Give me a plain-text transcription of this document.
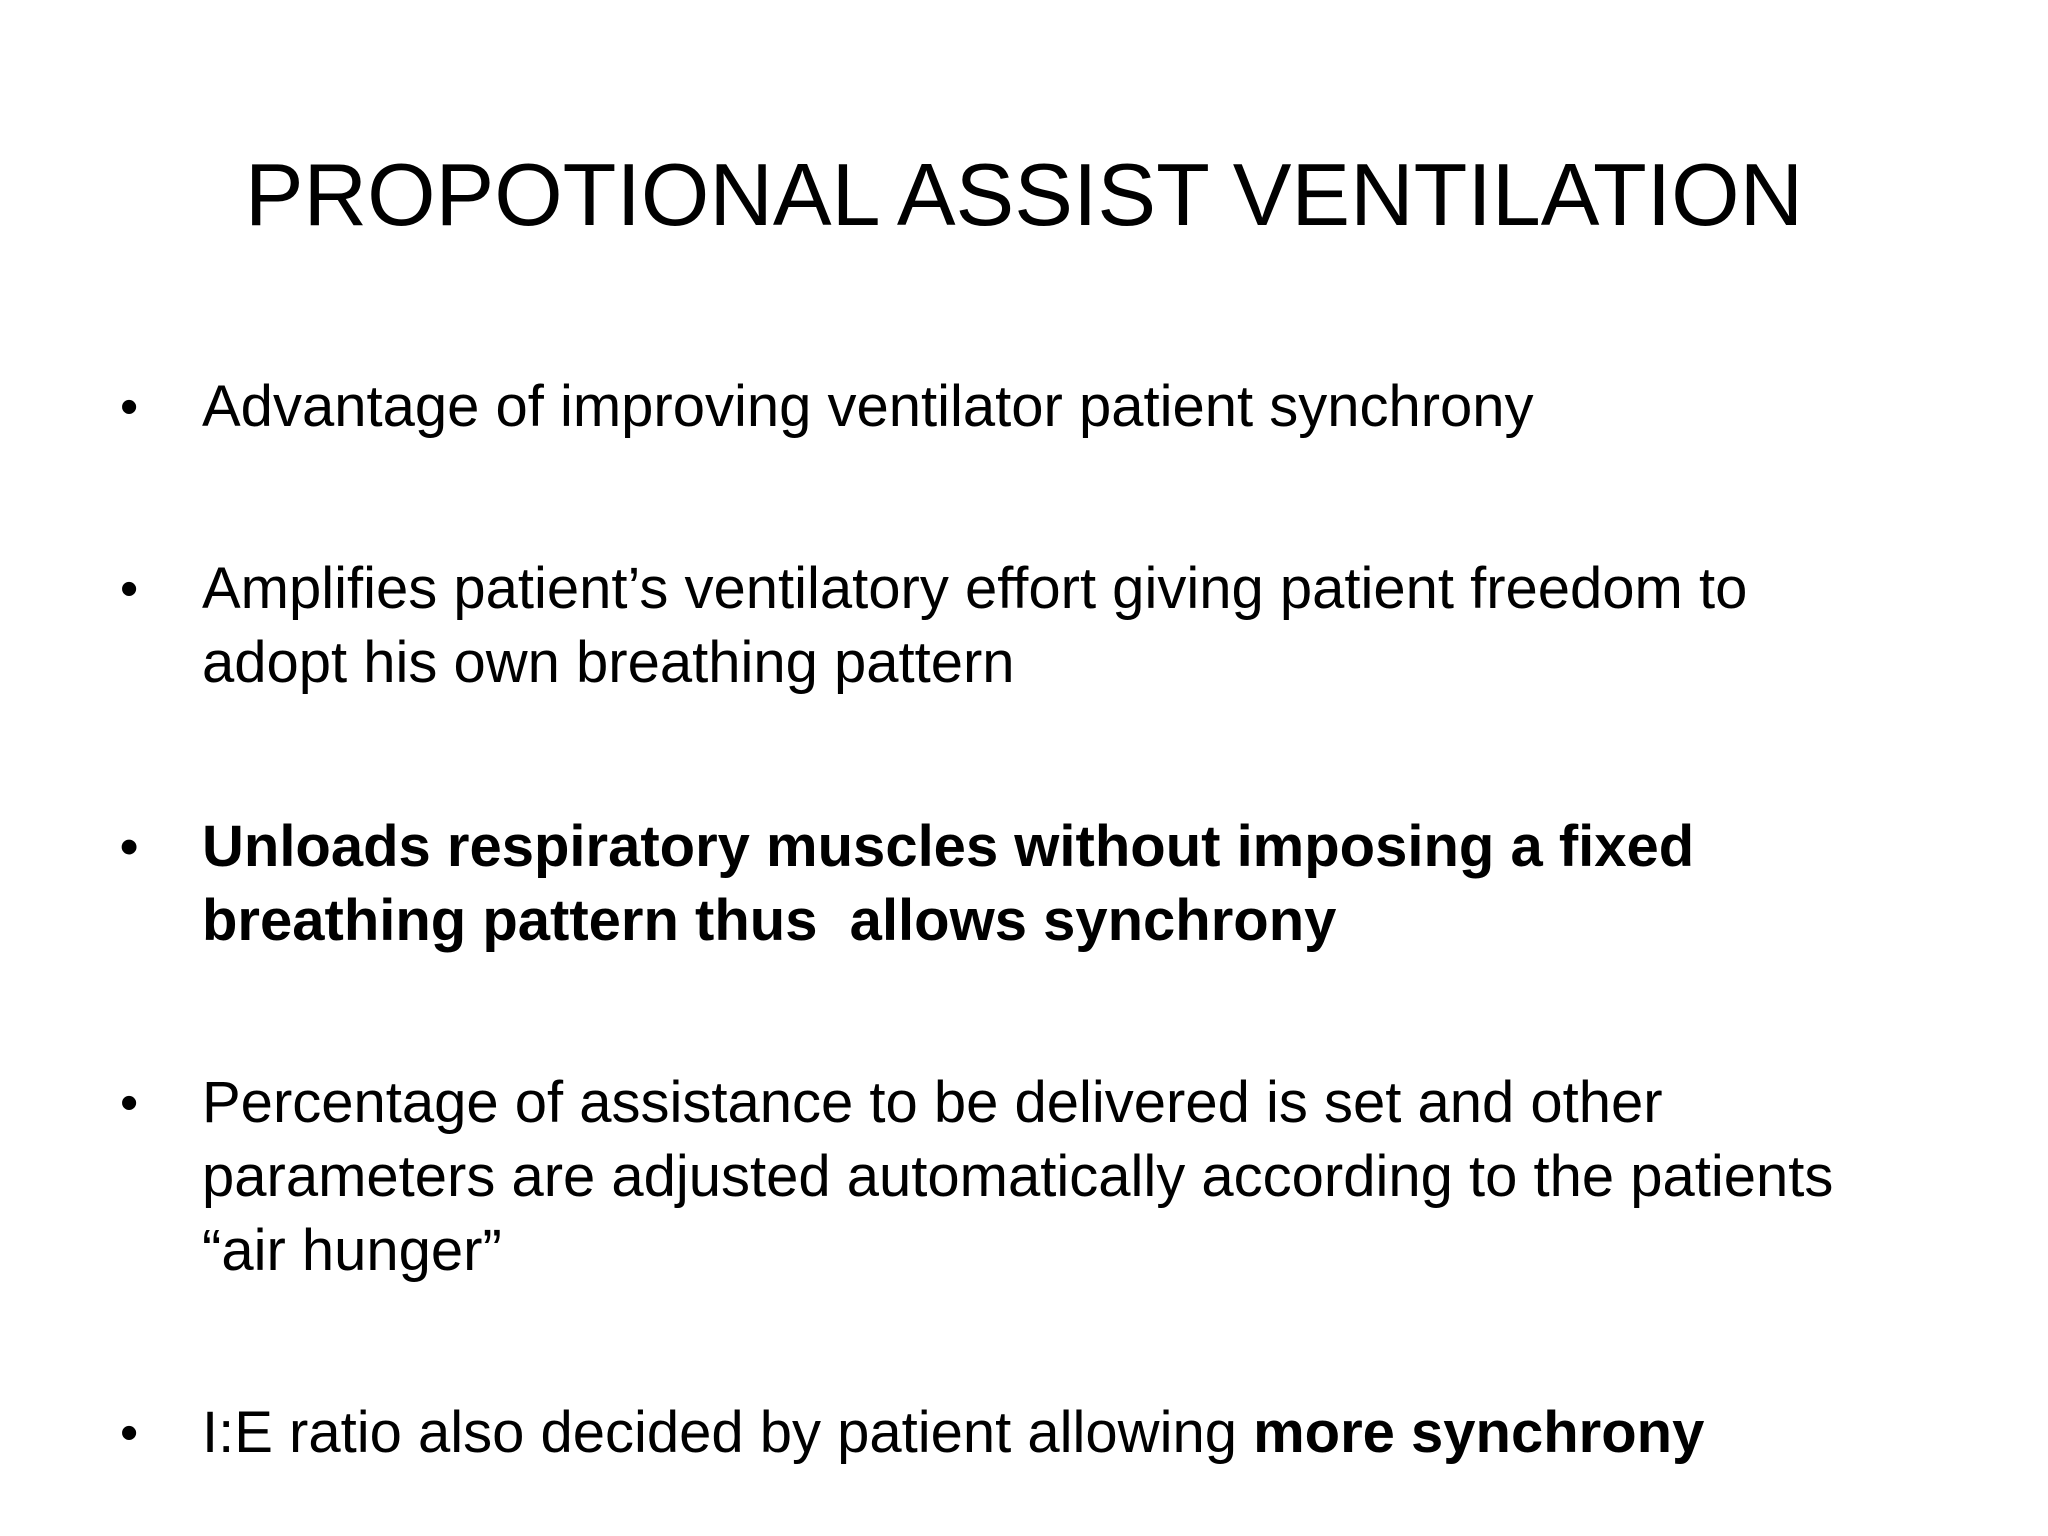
PROPOTIONAL ASSIST VENTILATION
•	Advantage of improving ventilator patient synchrony
•	Amplifies patient’s ventilatory effort giving patient freedom to
adopt his own breathing pattern
•	Unloads respiratory muscles without imposing a fixed
breathing pattern thus  allows synchrony
•	Percentage of assistance to be delivered is set and other
parameters are adjusted automatically according to the patients
“air hunger”
•	I:E ratio also decided by patient allowing more synchrony
